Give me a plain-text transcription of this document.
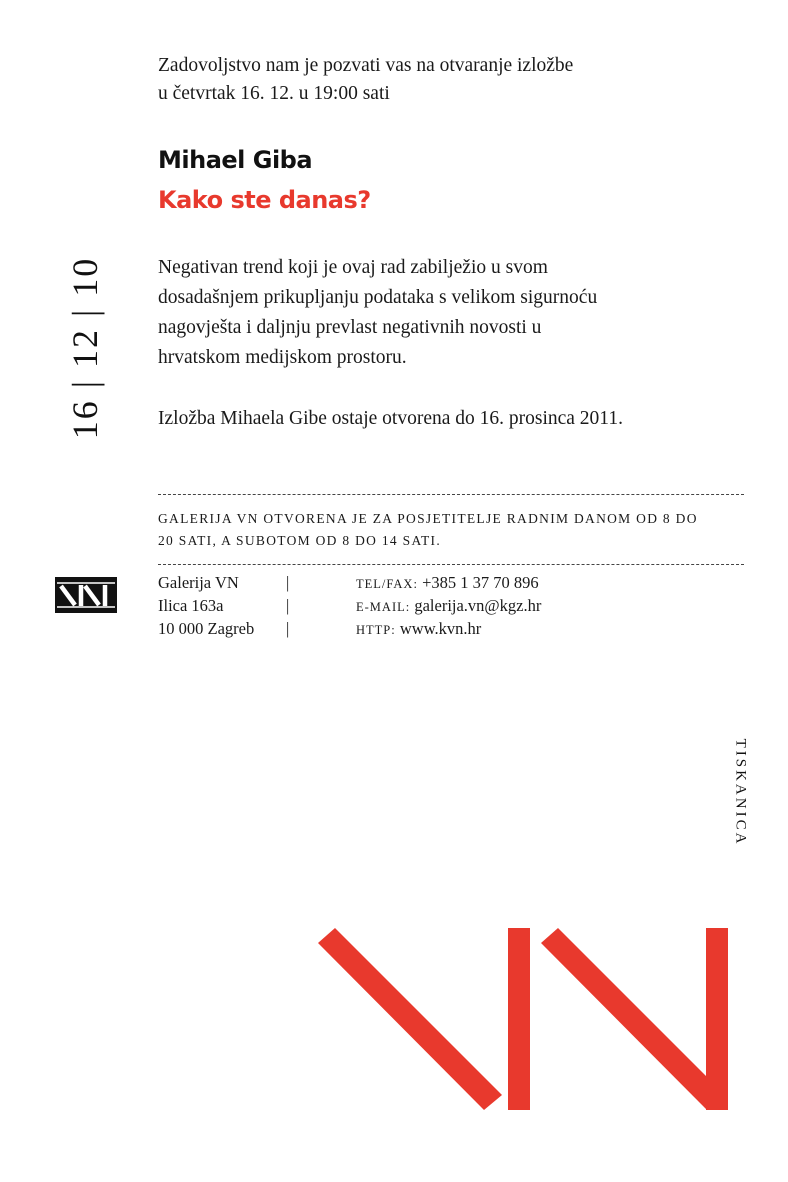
Zadovoljstvo nam je pozvati vas na otvaranje izložbe
u četvrtak 16. 12. u 19:00 sati
Mihael Giba
Kako ste danas?
16 | 12 | 10	Negativan trend koji je ovaj rad zabilježio u svom
dosadašnjem prikupljanju podataka s velikom sigurnoću
nagovješta i daljnju prevlast negativnih novosti u
hrvatskom medijskom prostoru.
Izložba Mihaela Gibe ostaje otvorena do 16. prosinca 2011.
GALERIJA VN OTVORENA JE ZA POSJETITELJE RADNIM DANOM OD 8 DO
20 SATI, A SUBOTOM OD 8 DO 14 SATI.
Galerija VN	|	TEL/FAX: +385 1 37 70 896
Ilica 163a	|	E-MAIL: galerija.vn@kgz.hr
10 000 Zagreb	|	HTTP: www.kvn.hr
TISKANICA
